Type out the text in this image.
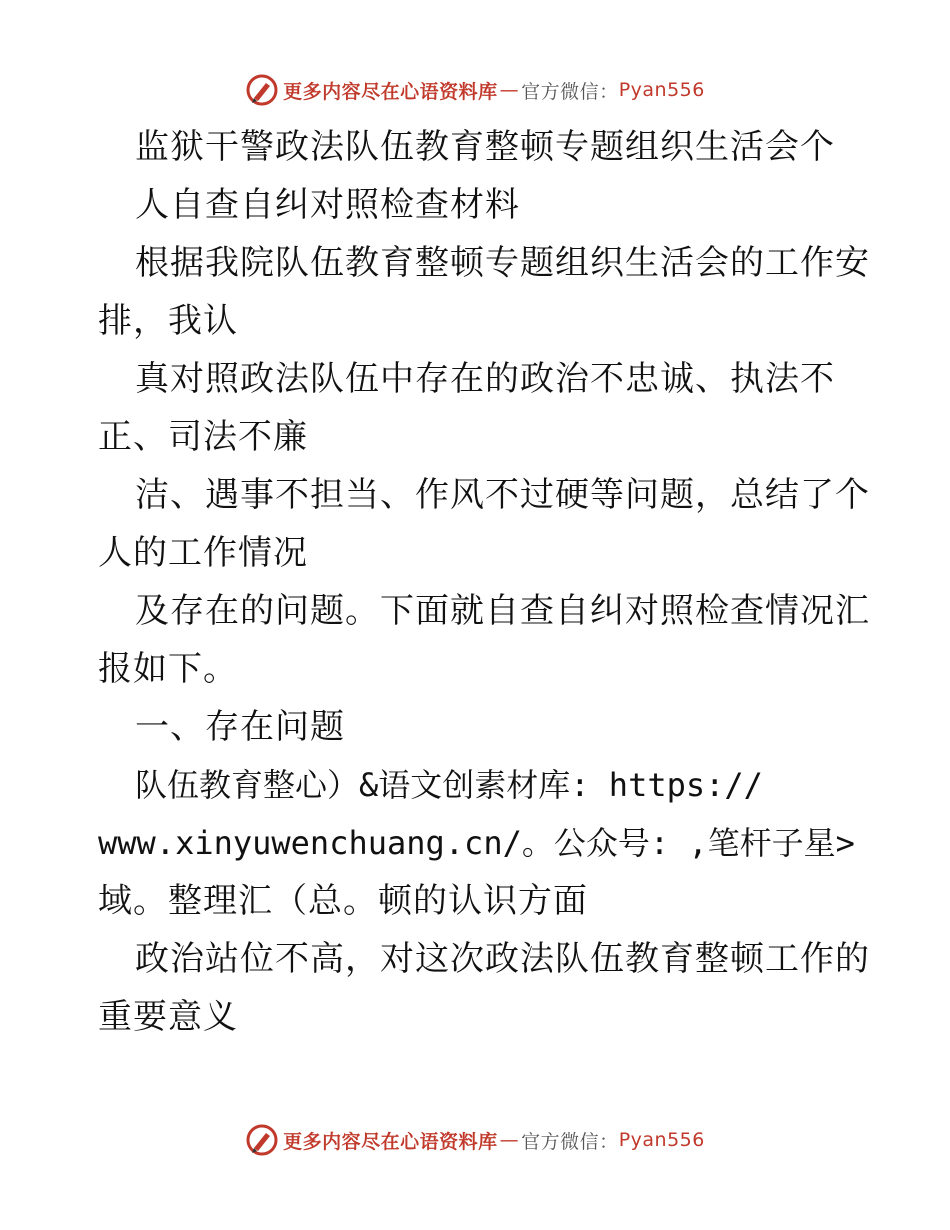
更多内容尽在心语资料库 — 官方微信： Pyan556
监狱干警政法队伍教育整顿专题组织生活会个
人自查自纠对照检查材料
根据我院队伍教育整顿专题组织生活会的工作安
排，我认
真对照政法队伍中存在的政治不忠诚、执法不
正、司法不廉
洁、遇事不担当、作风不过硬等问题，总结了个
人的工作情况
及存在的问题。下面就自查自纠对照检查情况汇
报如下。
一、存在问题
队伍教育整心）&语文创素材库: https://
www.xinyuwenchuang.cn/。公众号: ,笔杆子星>
域。整理汇（总。顿的认识方面
政治站位不高，对这次政法队伍教育整顿工作的
重要意义
更多内容尽在心语资料库 — 官方微信： Pyan556
